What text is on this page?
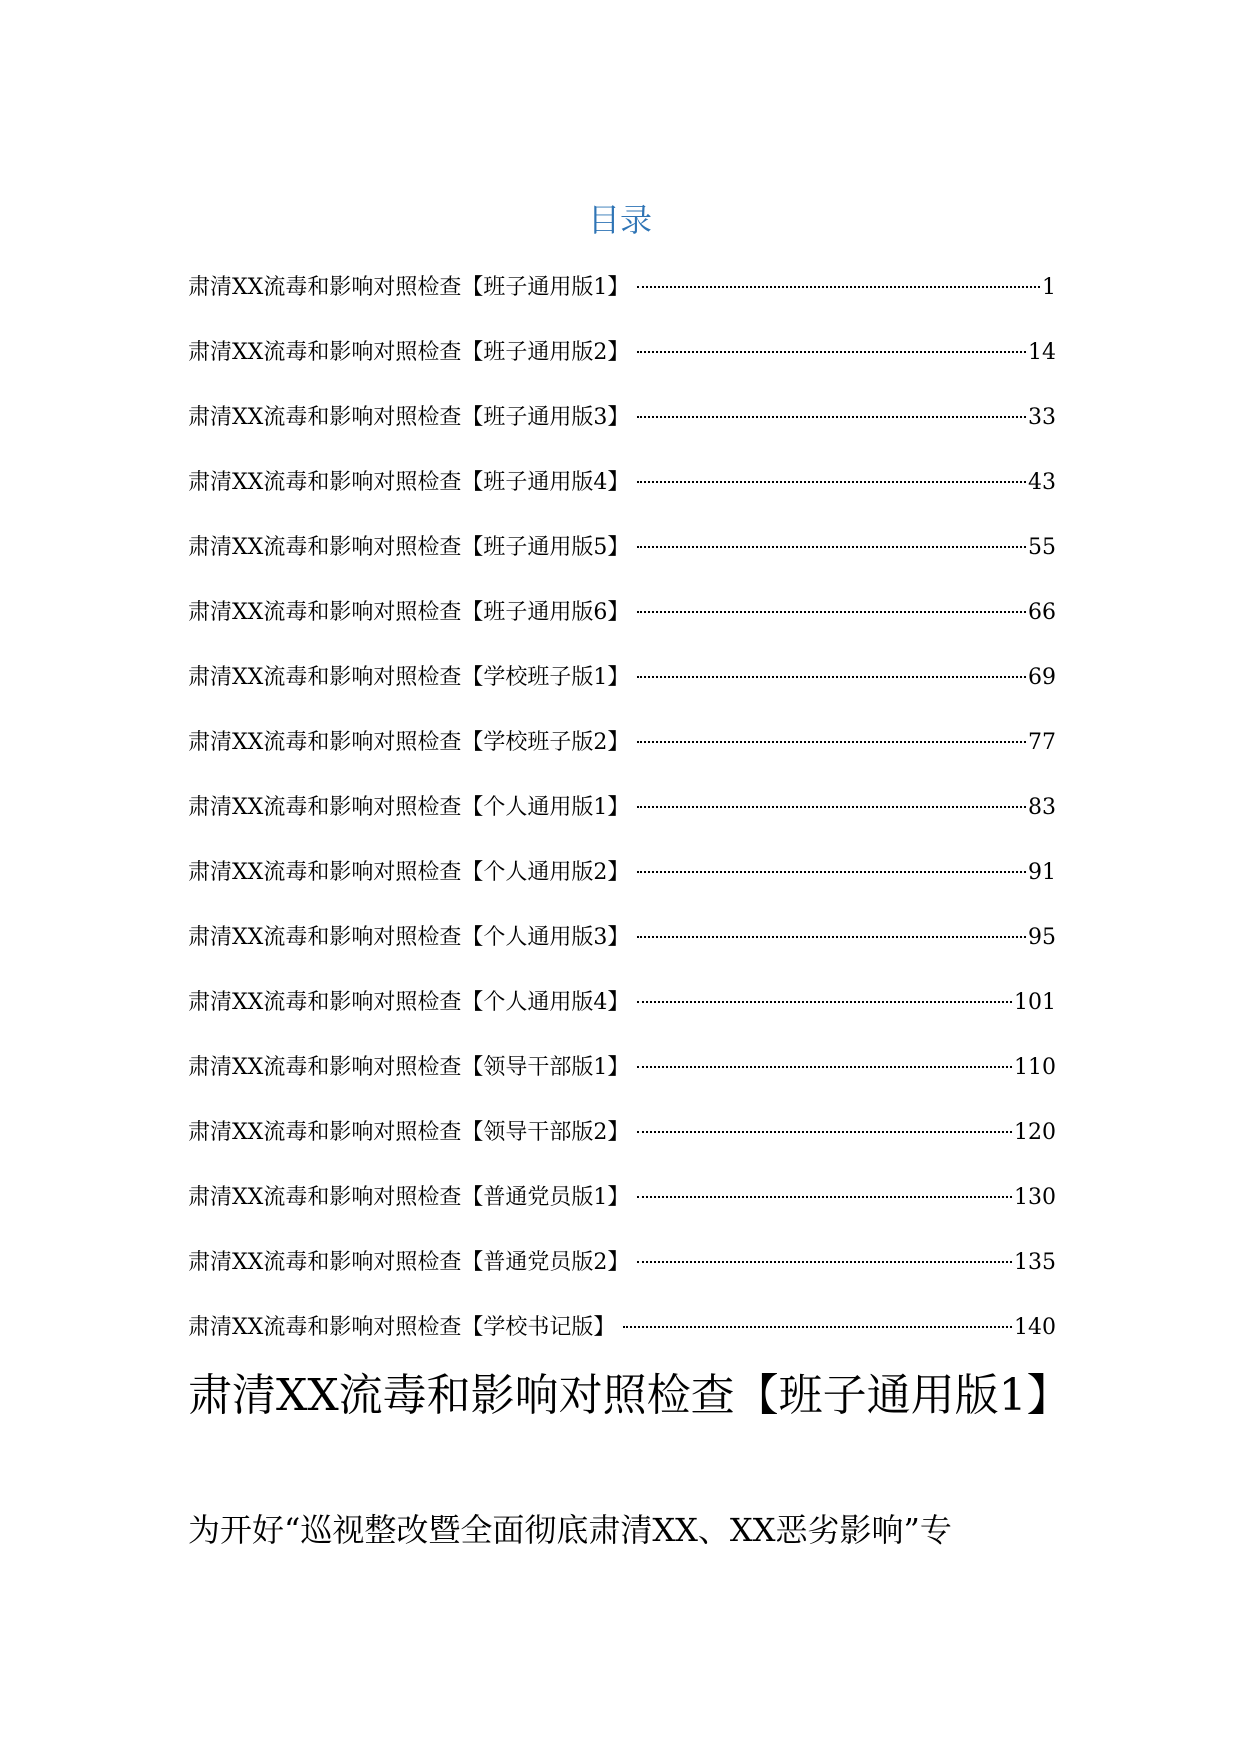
目录
肃清XX流毒和影响对照检查【班子通用版1】	1
肃清XX流毒和影响对照检查【班子通用版2】	14
肃清XX流毒和影响对照检查【班子通用版3】	33
肃清XX流毒和影响对照检查【班子通用版4】	43
肃清XX流毒和影响对照检查【班子通用版5】	55
肃清XX流毒和影响对照检查【班子通用版6】	66
肃清XX流毒和影响对照检查【学校班子版1】	69
肃清XX流毒和影响对照检查【学校班子版2】	77
肃清XX流毒和影响对照检查【个人通用版1】	83
肃清XX流毒和影响对照检查【个人通用版2】	91
肃清XX流毒和影响对照检查【个人通用版3】	95
肃清XX流毒和影响对照检查【个人通用版4】	101
肃清XX流毒和影响对照检查【领导干部版1】	110
肃清XX流毒和影响对照检查【领导干部版2】	120
肃清XX流毒和影响对照检查【普通党员版1】	130
肃清XX流毒和影响对照检查【普通党员版2】	135
肃清XX流毒和影响对照检查【学校书记版】	140
肃清XX流毒和影响对照检查【班子通用版1】

为开好“巡视整改暨全面彻底肃清XX、XX恶劣影响”专
